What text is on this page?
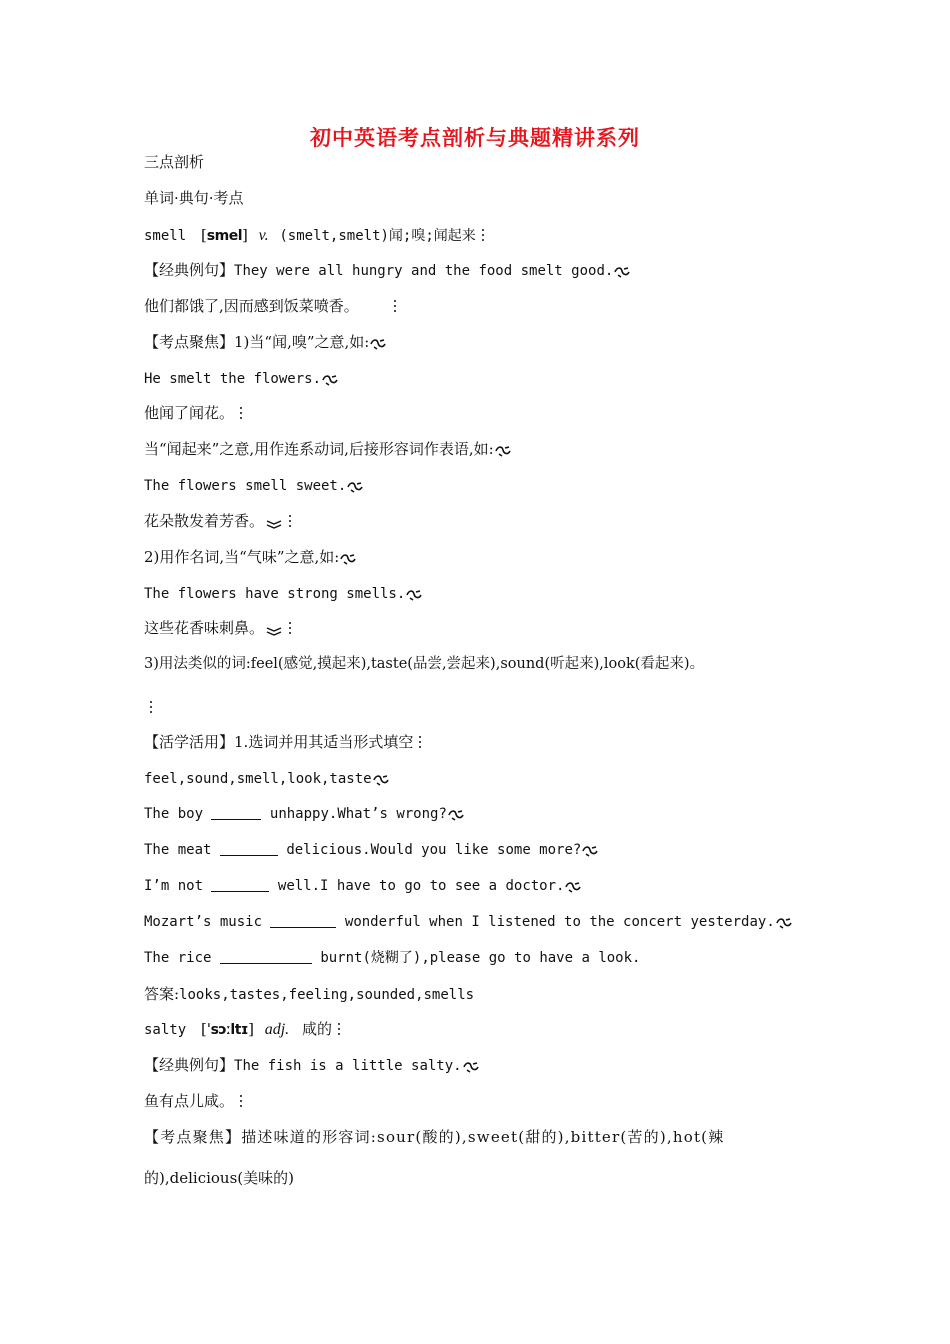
初中英语考点剖析与典题精讲系列
三点剖析
单词·典句·考点
smell [smel] v. (smelt,smelt)闻;嗅;闻起来
【经典例句】They were all hungry and the food smelt good.
他们都饿了,因而感到饭菜喷香。
【考点聚焦】1)当“闻,嗅”之意,如:
He smelt the flowers.
他闻了闻花。
当“闻起来”之意,用作连系动词,后接形容词作表语,如:
The flowers smell sweet.
花朵散发着芳香。
2)用作名词,当“气味”之意,如:
The flowers have strong smells.
这些花香味刺鼻。
3)用法类似的词:feel(感觉,摸起来),taste(品尝,尝起来),sound(听起来),look(看起来)。
【活学活用】1.选词并用其适当形式填空
feel,sound,smell,look,taste
The boy	unhappy.What’s wrong?
The meat	delicious.Would you like some more?
I’m not	well.I have to go to see a doctor.
Mozart’s music	wonderful when I listened to the concert yesterday.
The rice	burnt(烧糊了),please go to have a look.
答案:looks,tastes,feeling,sounded,smells
salty [ˈsɔːltɪ] adj. 咸的
【经典例句】The fish is a little salty.
鱼有点儿咸。
【考点聚焦】描述味道的形容词:sour(酸的),sweet(甜的),bitter(苦的),hot(辣
的),delicious(美味的)
